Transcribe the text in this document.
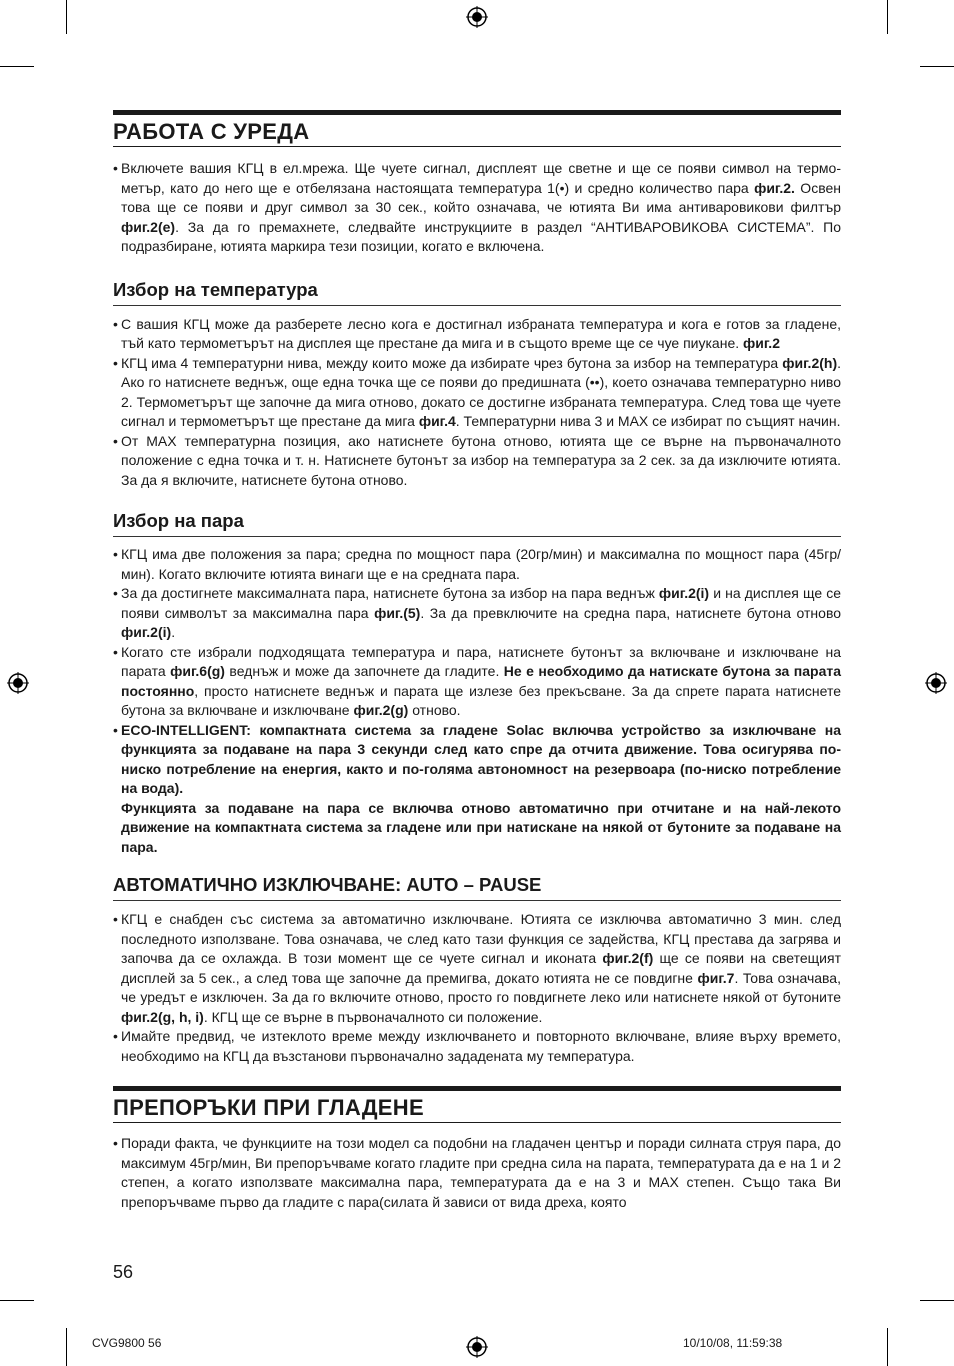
РАБОТА С УРЕДА
• Включете вашия КГЦ в ел.мрежа. Ще чуете сигнал, дисплеят ще светне и ще се появи символ на термометър, като до него ще е отбелязана настоящата температура 1(•) и средно количество пара фиг.2. Освен това ще се появи и друг символ за 30 сек., който означава, че ютията Ви има антиваровикови филтър фиг.2(e). За да го премахнете, следвайте инструкциите в раздел “АНТИВАРОВИКОВА СИСТЕМА”. По подразбиране, ютията маркира тези позиции, когато е включена.
Избор на температура
• С вашия КГЦ може да разберете лесно кога е достигнал избраната температура и кога е готов за гладене, тъй като термометърът на дисплея ще престане да мига и в същото време ще се чуе пиукане. фиг.2
• КГЦ има 4 температурни нива, между които може да избирате чрез бутона за избор на температура фиг.2(h). Ако го натиснете веднъж, още една точка ще се появи до предишната (••), което означава температурно ниво 2. Термометърът ще започне да мига отново, докато се достигне избраната температура. След това ще чуете сигнал и термометърът ще престане да мига фиг.4. Температурни нива 3 и MAX се избират по същият начин.
• От MAX температурна позиция, ако натиснете бутона отново, ютията ще се върне на първоначалното положение с една точка и т. н. Натиснете бутонът за избор на температура за 2 сек. за да изключите ютията. За да я включите, натиснете бутона отново.
Избор на пара
• КГЦ има две положения за пара; средна по мощност пара (20гр/мин) и максимална по мощност пара (45гр/мин). Когато включите ютията винаги ще е на средната пара.
• За да достигнете максималната пара, натиснете бутона за избор на пара веднъж фиг.2(i) и на дисплея ще се появи символът за максимална пара фиг.(5). За да превключите на средна пара, натиснете бутона отново фиг.2(i).
• Когато сте избрали подходящата температура и пара, натиснете бутонът за включване и изключване на парата фиг.6(g) веднъж и може да започнете да гладите. Не е необходимо да натискате бутона за парата постоянно, просто натиснете веднъж и парата ще излезе без прекъсване. За да спрете парата натиснете бутона за включване и изключване фиг.2(g) отново.
• ECO-INTELLIGENT: компактната система за гладене Solac включва устройство за изключване на функцията за подаване на пара 3 секунди след като спре да отчита движение. Това осигурява по-ниско потребление на енергия, както и по-голяма автономност на резервоара (по-ниско потребление на вода).
Функцията за подаване на пара се включва отново автоматично при отчитане и на най-лекото движение на компактната система за гладене или при натискане на някой от бутоните за подаване на пара.
АВТОМАТИЧНО ИЗКЛЮЧВАНЕ: AUTO – PAUSE
• КГЦ е снабден със система за автоматично изключване. Ютията се изключва автоматично 3 мин. след последното използване. Това означава, че след като тази функция се задейства, КГЦ престава да загрява и започва да се охлажда. В този момент ще се чуете сигнал и иконата фиг.2(f) ще се появи на светещият дисплей за 5 сек., а след това ще започне да премигва, докато ютията не се повдигне фиг.7. Това означава, че уредът е изключен. За да го включите отново, просто го повдигнете леко или натиснете някой от бутоните фиг.2(g, h, i). КГЦ ще се върне в първоначалното си положение.
• Имайте предвид, че изтеклото време между изключването и повторното включване, влияе върху времето, необходимо на КГЦ да възстанови първоначално зададената му температура.
ПРЕПОРЪКИ ПРИ ГЛАДЕНЕ
• Поради факта, че функциите на този модел са подобни на гладачен център и поради силната струя пара, до максимум 45гр/мин, Ви препоръчваме когато гладите при средна сила на парата, температурата да е на 1 и 2 степен, а когато използвате максимална пара, температурата да е на 3 и MAX степен. Също така Ви препоръчваме първо да гладите с пара(силата й зависи от вида дреха, която
56
CVG9800 56	10/10/08, 11:59:38
